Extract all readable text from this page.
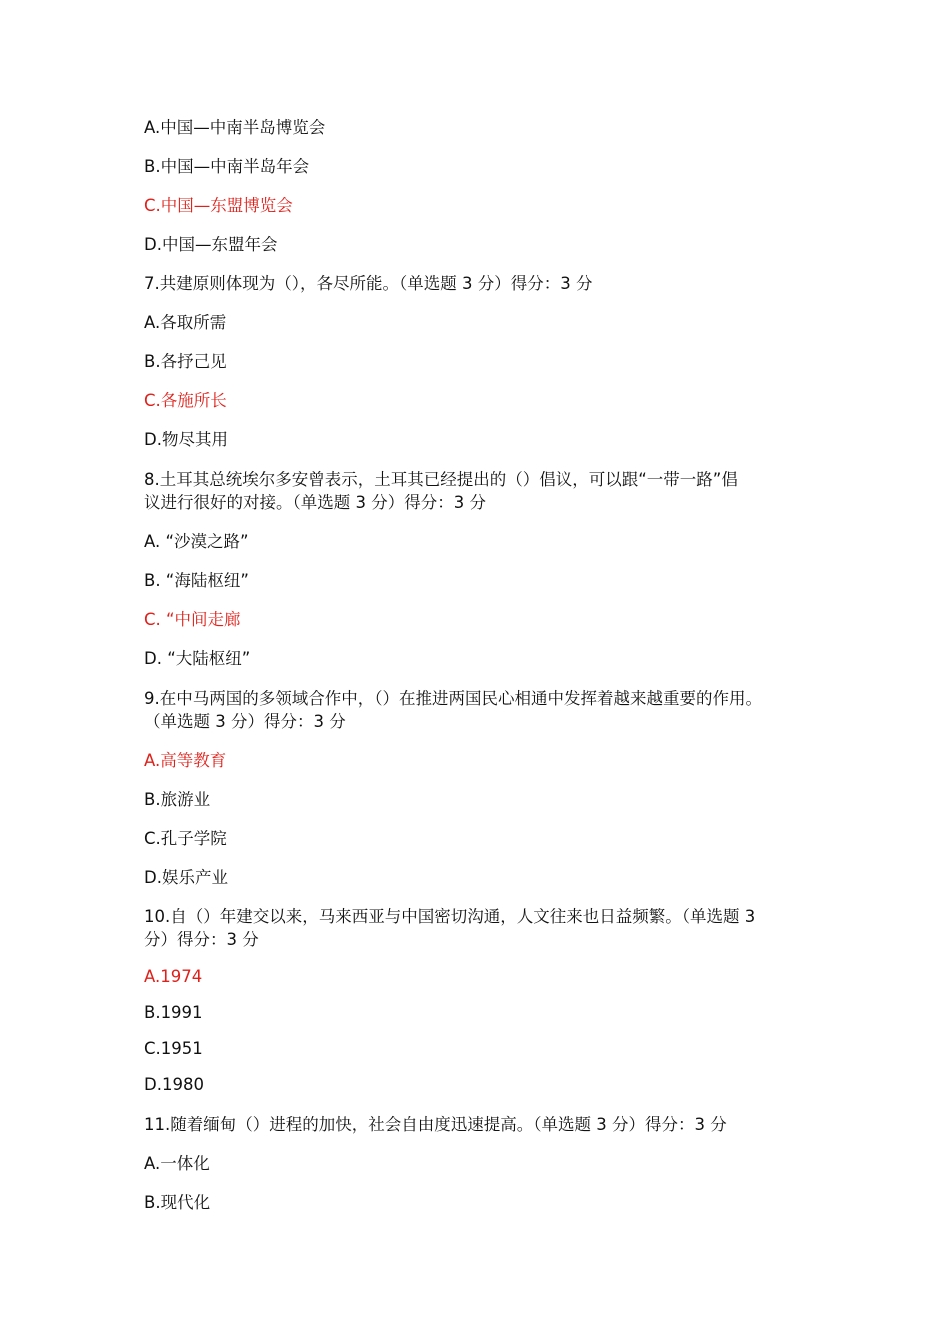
A.中国—中南半岛博览会

B.中国—中南半岛年会

C.中国—东盟博览会

D.中国—东盟年会

7.共建原则体现为（），各尽所能。（单选题 3 分）得分：3 分

A.各取所需

B.各抒己见

C.各施所长

D.物尽其用

8.土耳其总统埃尔多安曾表示，土耳其已经提出的（）倡议，可以跟“一带一路”倡

议进行很好的对接。（单选题 3 分）得分：3 分

A. “沙漠之路”

B. “海陆枢纽”

C. “中间走廊

D. “大陆枢纽”

9.在中马两国的多领域合作中，（）在推进两国民心相通中发挥着越来越重要的作用。

（单选题 3 分）得分：3 分

A.高等教育

B.旅游业

C.孔子学院

D.娱乐产业

10.自（）年建交以来，马来西亚与中国密切沟通，人文往来也日益频繁。（单选题 3

分）得分：3 分

A.1974

B.1991

C.1951

D.1980

11.随着缅甸（）进程的加快，社会自由度迅速提高。（单选题 3 分）得分：3 分

A.一体化

B.现代化
